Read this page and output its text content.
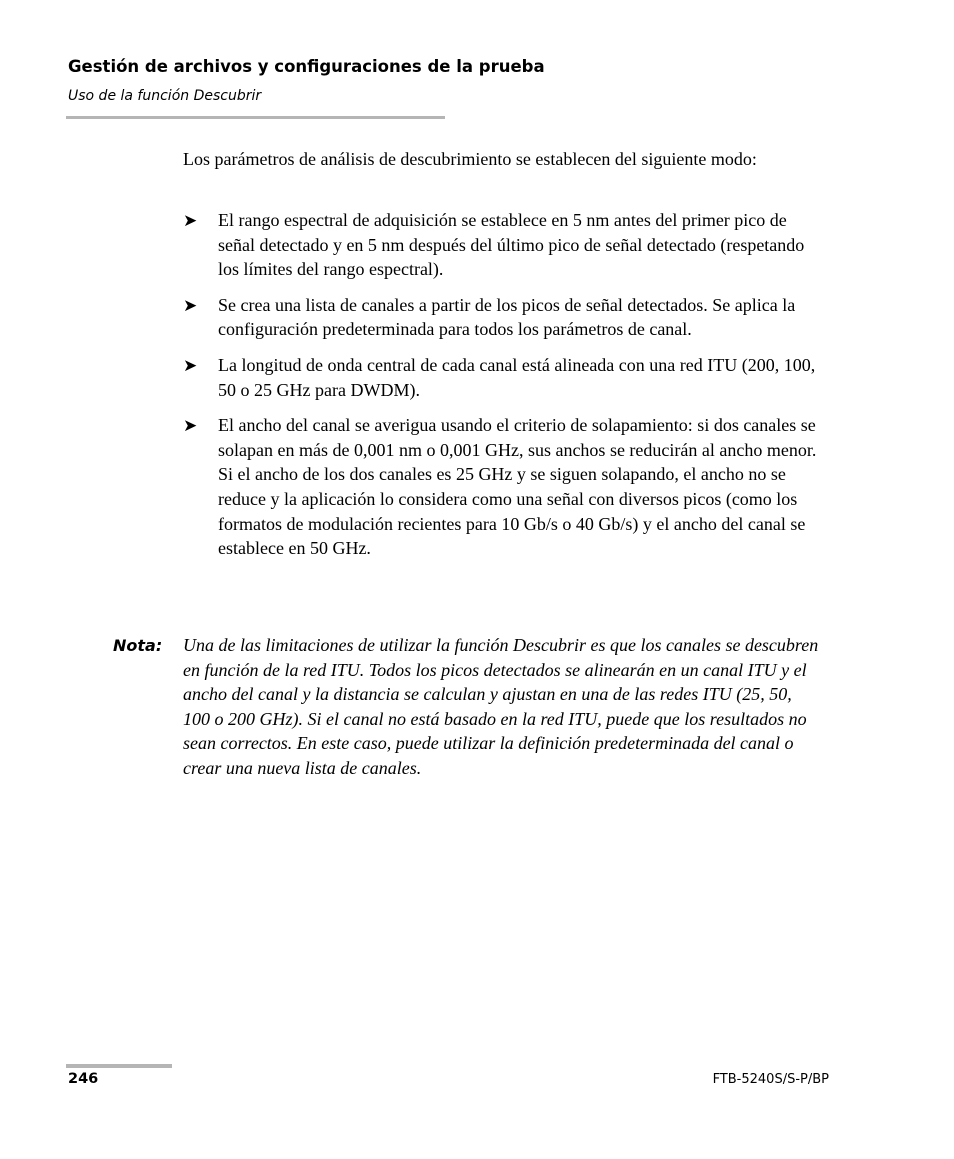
Gestión de archivos y configuraciones de la prueba
Uso de la función Descubrir

Los parámetros de análisis de descubrimiento se establecen del siguiente modo:

➤ El rango espectral de adquisición se establece en 5 nm antes del primer pico de señal detectado y en 5 nm después del último pico de señal detectado (respetando los límites del rango espectral).
➤ Se crea una lista de canales a partir de los picos de señal detectados. Se aplica la configuración predeterminada para todos los parámetros de canal.
➤ La longitud de onda central de cada canal está alineada con una red ITU (200, 100, 50 o 25 GHz para DWDM).
➤ El ancho del canal se averigua usando el criterio de solapamiento: si dos canales se solapan en más de 0,001 nm o 0,001 GHz, sus anchos se reducirán al ancho menor. Si el ancho de los dos canales es 25 GHz y se siguen solapando, el ancho no se reduce y la aplicación lo considera como una señal con diversos picos (como los formatos de modulación recientes para 10 Gb/s o 40 Gb/s) y el ancho del canal se establece en 50 GHz.
Nota: Una de las limitaciones de utilizar la función Descubrir es que los canales se descubren en función de la red ITU. Todos los picos detectados se alinearán en un canal ITU y el ancho del canal y la distancia se calculan y ajustan en una de las redes ITU (25, 50, 100 o 200 GHz). Si el canal no está basado en la red ITU, puede que los resultados no sean correctos. En este caso, puede utilizar la definición predeterminada del canal o crear una nueva lista de canales.

246	FTB-5240S/S-P/BP
